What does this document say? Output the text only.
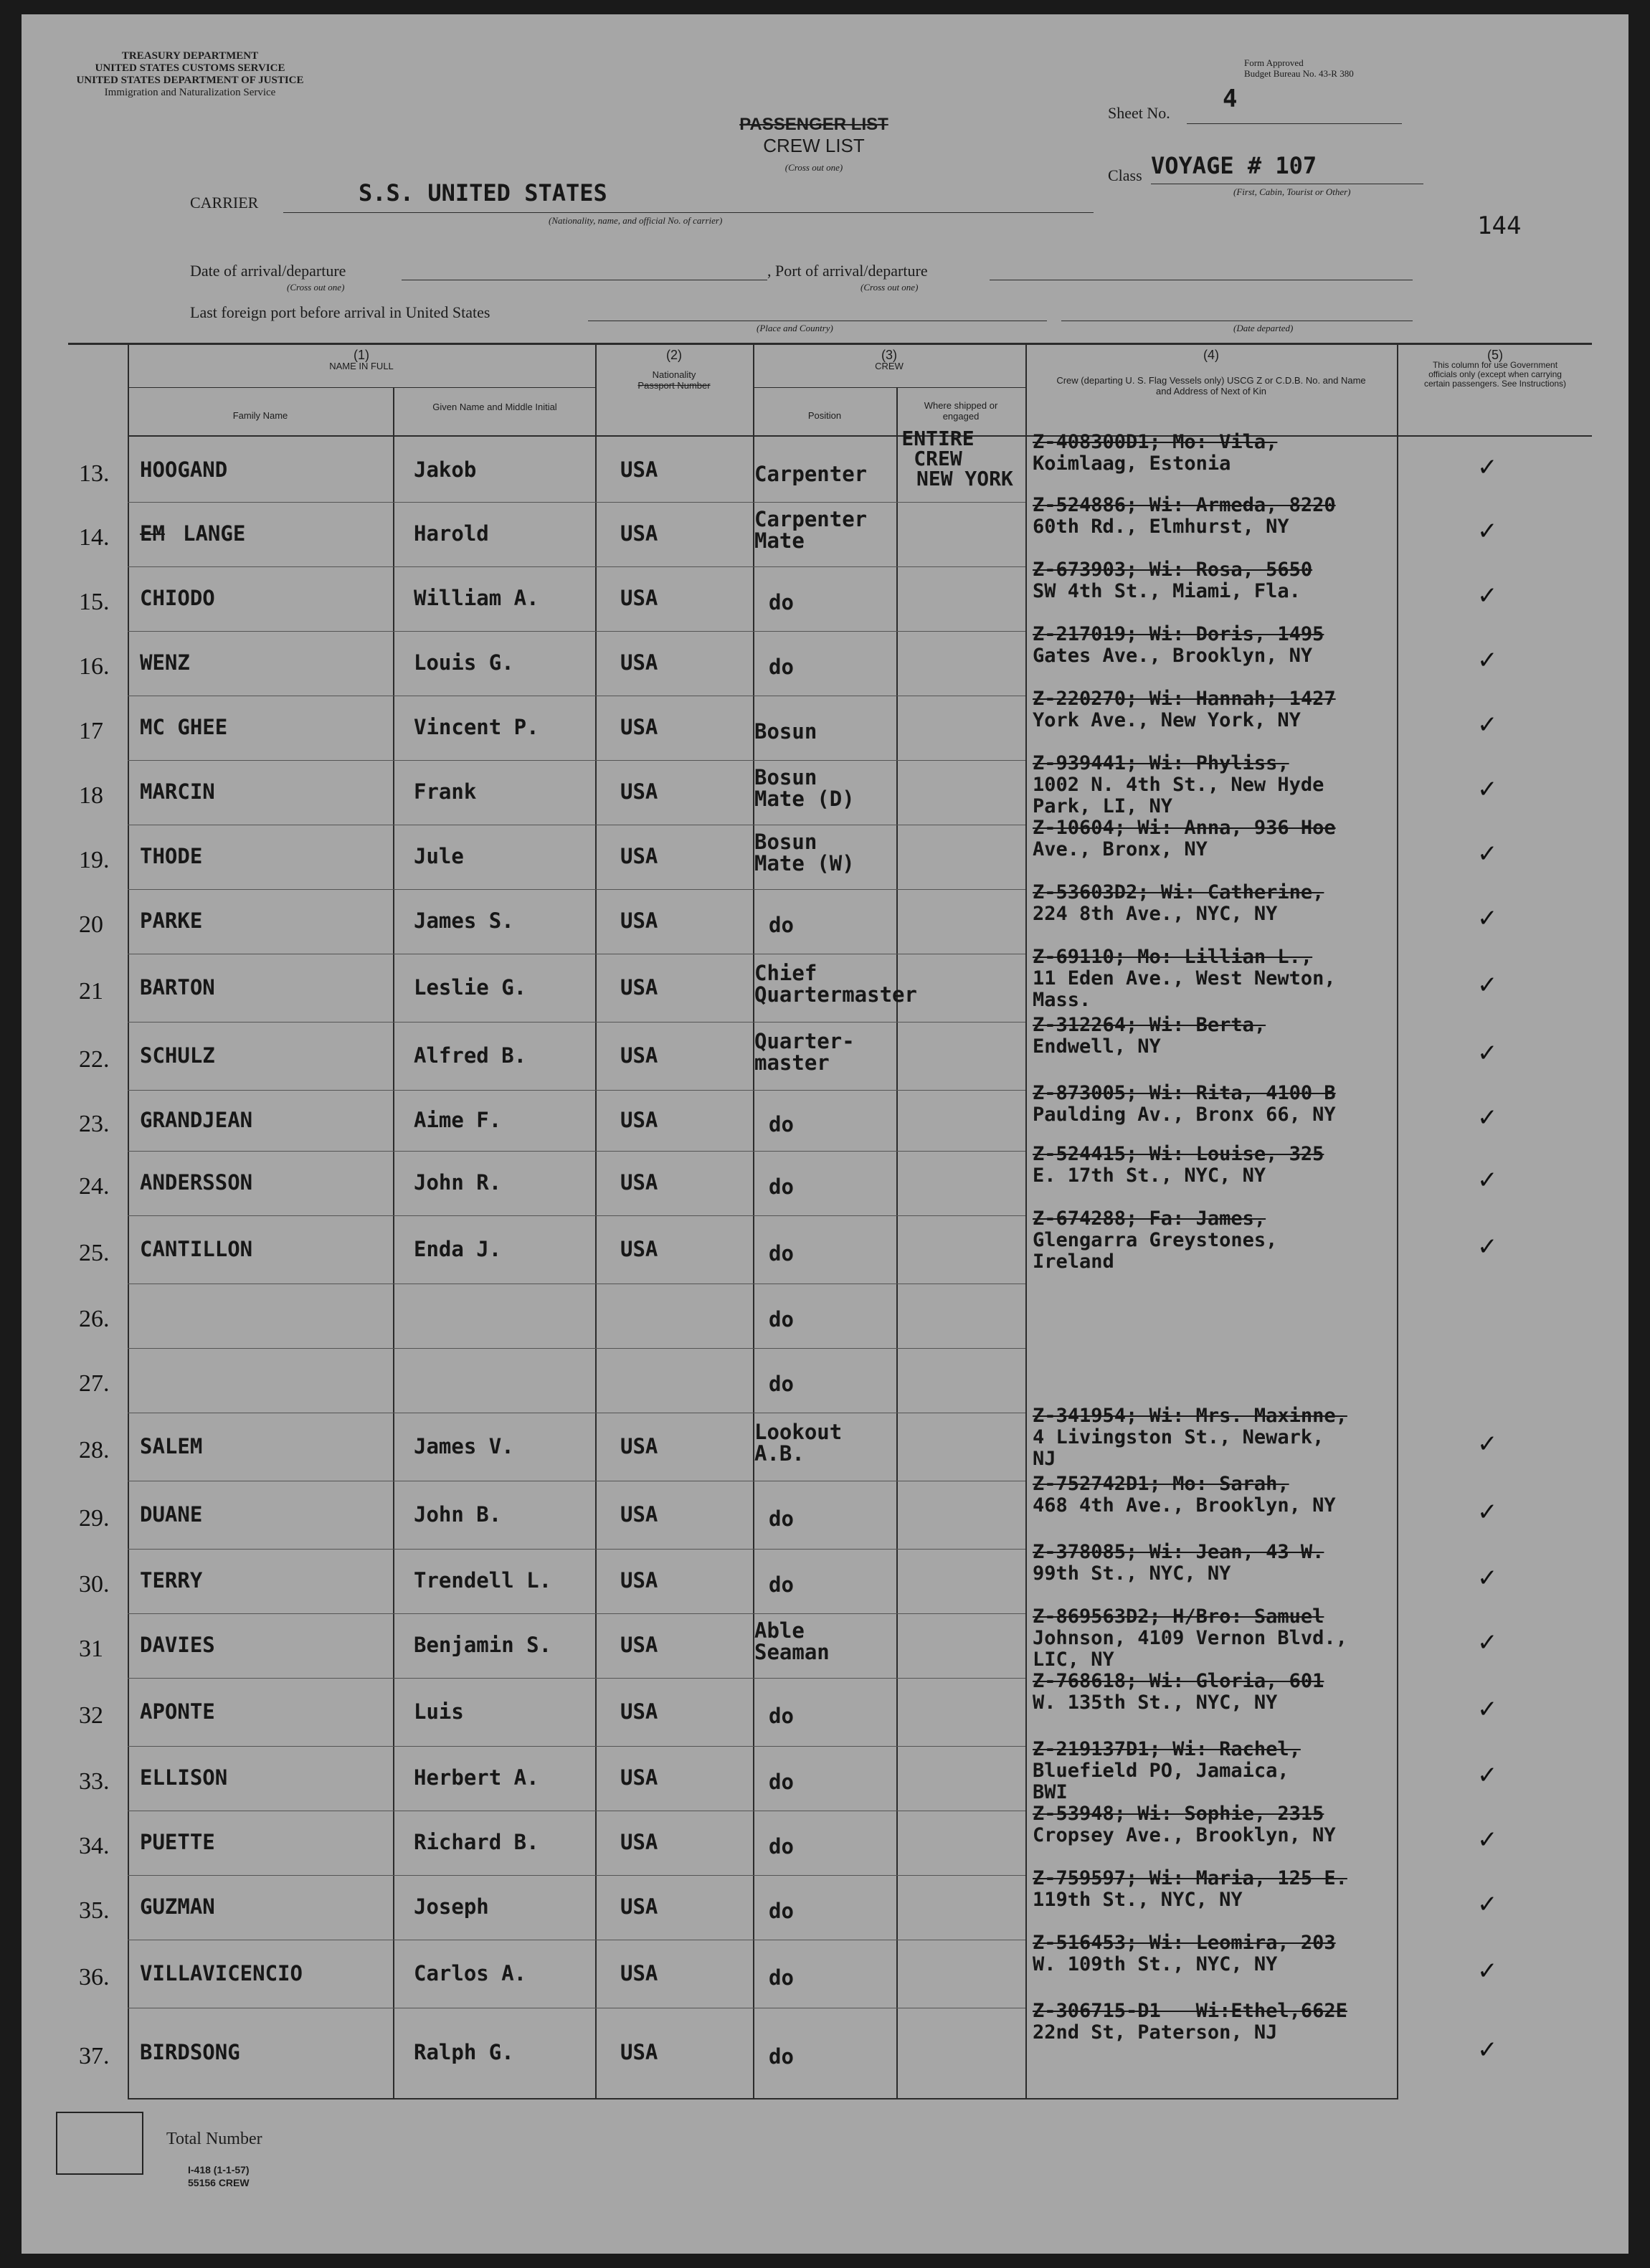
TREASURY DEPARTMENT
UNITED STATES CUSTOMS SERVICE
UNITED STATES DEPARTMENT OF JUSTICE
Immigration and Naturalization Service
Form Approved
Budget Bureau No. 43-R 380
PASSENGER LIST
CREW LIST
(Cross out one)
Sheet No. 4
Class VOYAGE # 107
(First, Cabin, Tourist or Other)
CARRIER	S.S. UNITED STATES
(Nationality, name, and official No. of carrier)	144
Date of arrival/departure
(Cross out one)
, Port of arrival/departure
(Cross out one)
Last foreign port before arrival in United States
(Place and Country)	(Date departed)
(1)
NAME IN FULL
Family Name
Given Name and Middle Initial
(2)
Nationality
Passport Number
(3)
CREW
Position
Where shipped or engaged
(4)
Crew (departing U. S. Flag Vessels only) USCG Z or C.D.B. No. and Name and Address of Next of Kin
(5)
This column for use Government officials only (except when carrying certain passengers. See Instructions)
ENTIRE
CREW
NEW YORK
13. HOOGAND	Jakob	USA	Carpenter
Z-408300D1; Mo: Vila,
Koimlaag, Estonia	✓
14. EM LANGE	Harold	USA
Carpenter
Mate
Z-524886; Wi: Armeda, 8220
60th Rd., Elmhurst, NY	✓
15. CHIODO	William A.	USA	do
Z-673903; Wi: Rosa, 5650
SW 4th St., Miami, Fla.	✓
16. WENZ	Louis G.	USA	do
Z-217019; Wi: Doris, 1495
Gates Ave., Brooklyn, NY	✓
17 MC GHEE	Vincent P.	USA	Bosun
Z-220270; Wi: Hannah; 1427
York Ave., New York, NY	✓
18 MARCIN	Frank	USA
Bosun
Mate (D)
Z-939441; Wi: Phyliss,
1002 N. 4th St., New Hyde
Park, LI, NY
✓
19. THODE	Jule	USA
Bosun
Mate (W)
Z-10604; Wi: Anna, 936 Hoe
Ave., Bronx, NY	✓
20 PARKE	James S.	USA	do
Z-53603D2; Wi: Catherine,
224 8th Ave., NYC, NY	✓
21 BARTON	Leslie G.	USA
Chief
Quartermaster
Z-69110; Mo: Lillian L.,
11 Eden Ave., West Newton,
Mass.
✓
22. SCHULZ	Alfred B.	USA
Quarter-
master
Z-312264; Wi: Berta,
Endwell, NY	✓
23. GRANDJEAN	Aime F.	USA	do
Z-873005; Wi: Rita, 4100 B
Paulding Av., Bronx 66, NY	✓
24. ANDERSSON	John R.	USA	do
Z-524415; Wi: Louise, 325
E. 17th St., NYC, NY	✓
25. CANTILLON	Enda J.	USA	do
Z-674288; Fa: James,
Glengarra Greystones,
Ireland
✓
26.	do
27.	do
28. SALEM	James V.	USA
Lookout
A.B.
Z-341954; Wi: Mrs. Maxinne,
4 Livingston St., Newark,
NJ
✓
29. DUANE	John B.	USA	do
Z-752742D1; Mo: Sarah,
468 4th Ave., Brooklyn, NY	✓
30. TERRY	Trendell L.	USA	do
Z-378085; Wi: Jean, 43 W.
99th St., NYC, NY	✓
31 DAVIES	Benjamin S.	USA
Able
Seaman
Z-869563D2; H/Bro: Samuel
Johnson, 4109 Vernon Blvd.,
LIC, NY
✓
32 APONTE	Luis	USA	do
Z-768618; Wi: Gloria, 601
W. 135th St., NYC, NY	✓
33. ELLISON	Herbert A.	USA	do
Z-219137D1; Wi: Rachel,
Bluefield PO, Jamaica,
BWI
✓
34. PUETTE	Richard B.	USA	do
Z-53948; Wi: Sophie, 2315
Cropsey Ave., Brooklyn, NY	✓
35. GUZMAN	Joseph	USA	do
Z-759597; Wi: Maria, 125 E.
119th St., NYC, NY	✓
36. VILLAVICENCIO	Carlos A.	USA	do
Z-516453; Wi: Leomira, 203
W. 109th St., NYC, NY	✓
37. BIRDSONG	Ralph G.	USA	do
Z-306715-D1   Wi:Ethel,662E
22nd St, Paterson, NJ
✓
Total Number
I-418 (1-1-57)
55156 CREW
